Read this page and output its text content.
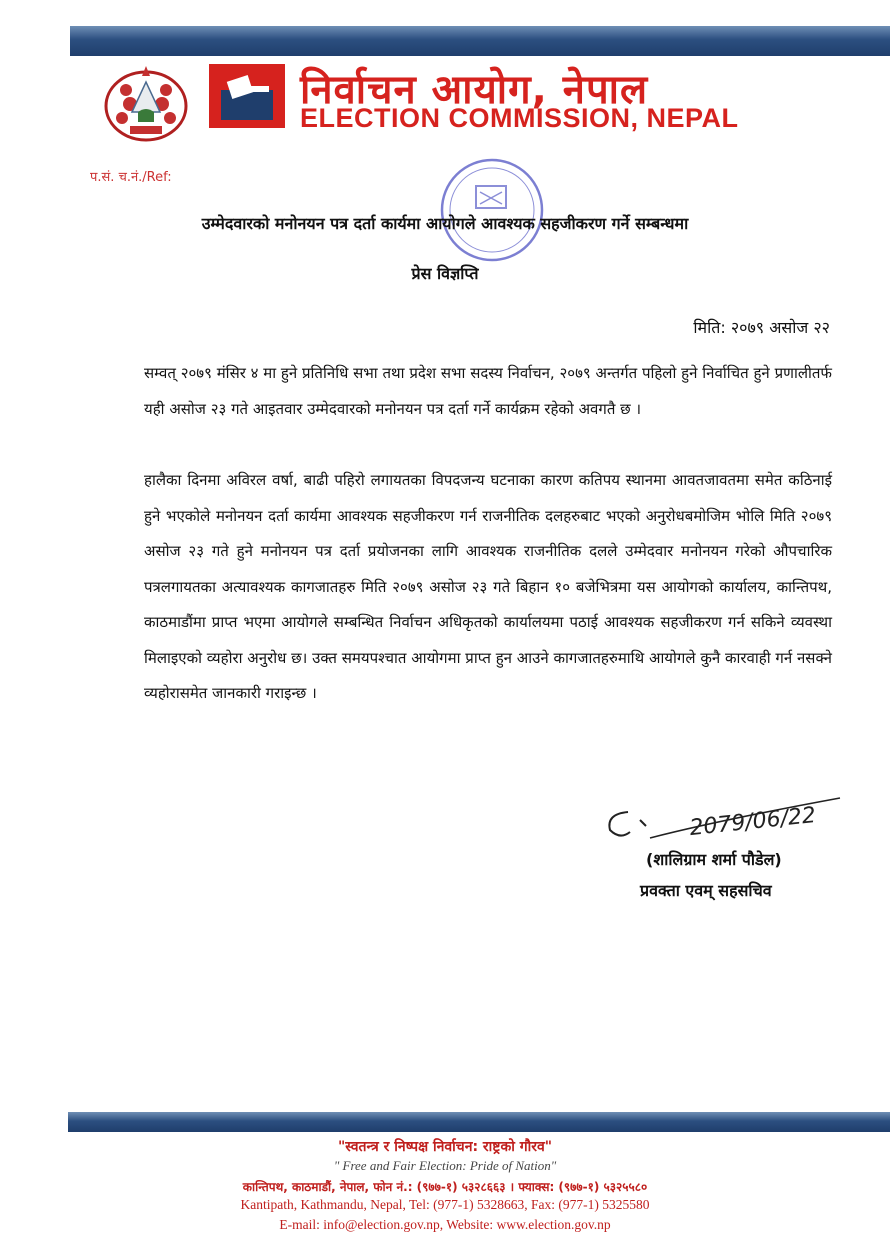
निर्वाचन आयोग, नेपाल
ELECTION COMMISSION, NEPAL
प.सं. च.नं./Ref:
उम्मेदवारको मनोनयन पत्र दर्ता कार्यमा आयोगले आवश्यक सहजीकरण गर्ने सम्बन्धमा
प्रेस विज्ञप्ति
मिति: २०७९ असोज २२

सम्वत् २०७९ मंसिर ४ मा हुने प्रतिनिधि सभा तथा प्रदेश सभा सदस्य निर्वाचन, २०७९ अन्तर्गत पहिलो हुने निर्वाचित हुने प्रणालीतर्फ यही असोज २३ गते आइतवार उम्मेदवारको मनोनयन पत्र दर्ता गर्ने कार्यक्रम रहेको अवगतै छ ।

हालैका दिनमा अविरल वर्षा, बाढी पहिरो लगायतका विपदजन्य घटनाका कारण कतिपय स्थानमा आवतजावतमा समेत कठिनाई हुने भएकोले मनोनयन दर्ता कार्यमा आवश्यक सहजीकरण गर्न राजनीतिक दलहरुबाट भएको अनुरोधबमोजिम भोलि मिति २०७९ असोज २३ गते हुने मनोनयन पत्र दर्ता प्रयोजनका लागि आवश्यक राजनीतिक दलले उम्मेदवार मनोनयन गरेको औपचारिक पत्रलगायतका अत्यावश्यक कागजातहरु मिति २०७९ असोज २३ गते बिहान १० बजेभित्रमा यस आयोगको कार्यालय, कान्तिपथ, काठमाडौंमा प्राप्त भएमा आयोगले सम्बन्धित निर्वाचन अधिकृतको कार्यालयमा पठाई आवश्यक सहजीकरण गर्न सकिने व्यवस्था मिलाइएको व्यहोरा अनुरोध छ। उक्त समयपश्चात आयोगमा प्राप्त हुन आउने कागजातहरुमाथि आयोगले कुनै कारवाही गर्न नसक्ने व्यहोरासमेत जानकारी गराइन्छ ।

2079/06/22
(शालिग्राम शर्मा पौडेल)
प्रवक्ता एवम् सहसचिव
"स्वतन्त्र र निष्पक्ष निर्वाचन: राष्ट्रको गौरव"
" Free and Fair Election: Pride of Nation"
कान्तिपथ, काठमाडौं, नेपाल, फोन नं.: (९७७-१) ५३२८६६३ । फ्याक्स: (९७७-१) ५३२५५८०
Kantipath, Kathmandu, Nepal, Tel: (977-1) 5328663, Fax: (977-1) 5325580
E-mail: info@election.gov.np, Website: www.election.gov.np
